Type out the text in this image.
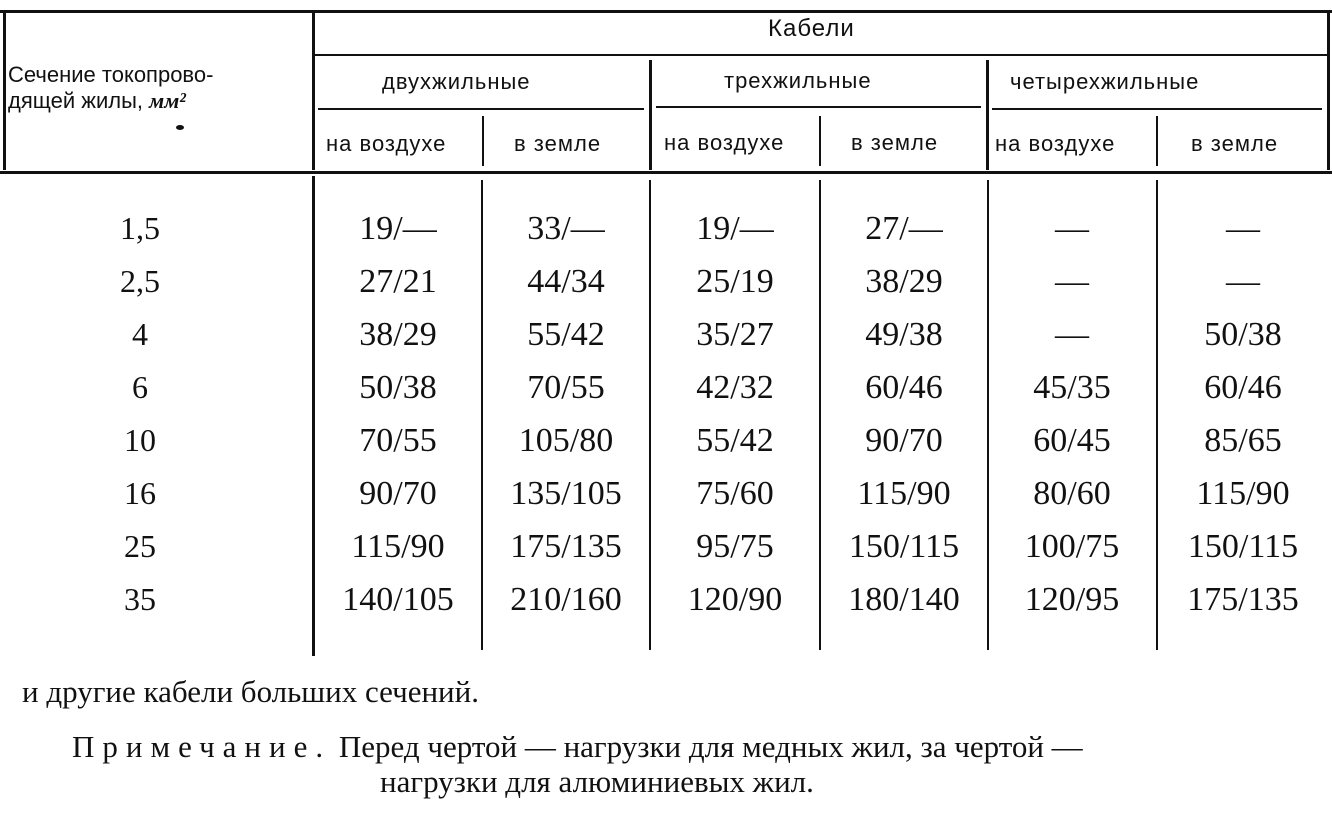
Сечение токопрово-
дящей жилы, мм²
Кабели
двухжильные	трехжильные	четырехжильные
на воздухе	в земле	на воздухе	в земле	на воздухе	в земле
1,5	19/—	33/—	19/—	27/—	—	—
2,5	27/21	44/34	25/19	38/29	—	—
4	38/29	55/42	35/27	49/38	—	50/38
6	50/38	70/55	42/32	60/46	45/35	60/46
10	70/55	105/80	55/42	90/70	60/45	85/65
16	90/70	135/105	75/60	115/90	80/60	115/90
25	115/90	175/135	95/75	150/115	100/75	150/115
35	140/105	210/160	120/90	180/140	120/95	175/135
и другие кабели больших сечений.
Примечание. Перед чертой — нагрузки для медных жил, за чертой —
нагрузки для алюминиевых жил.
